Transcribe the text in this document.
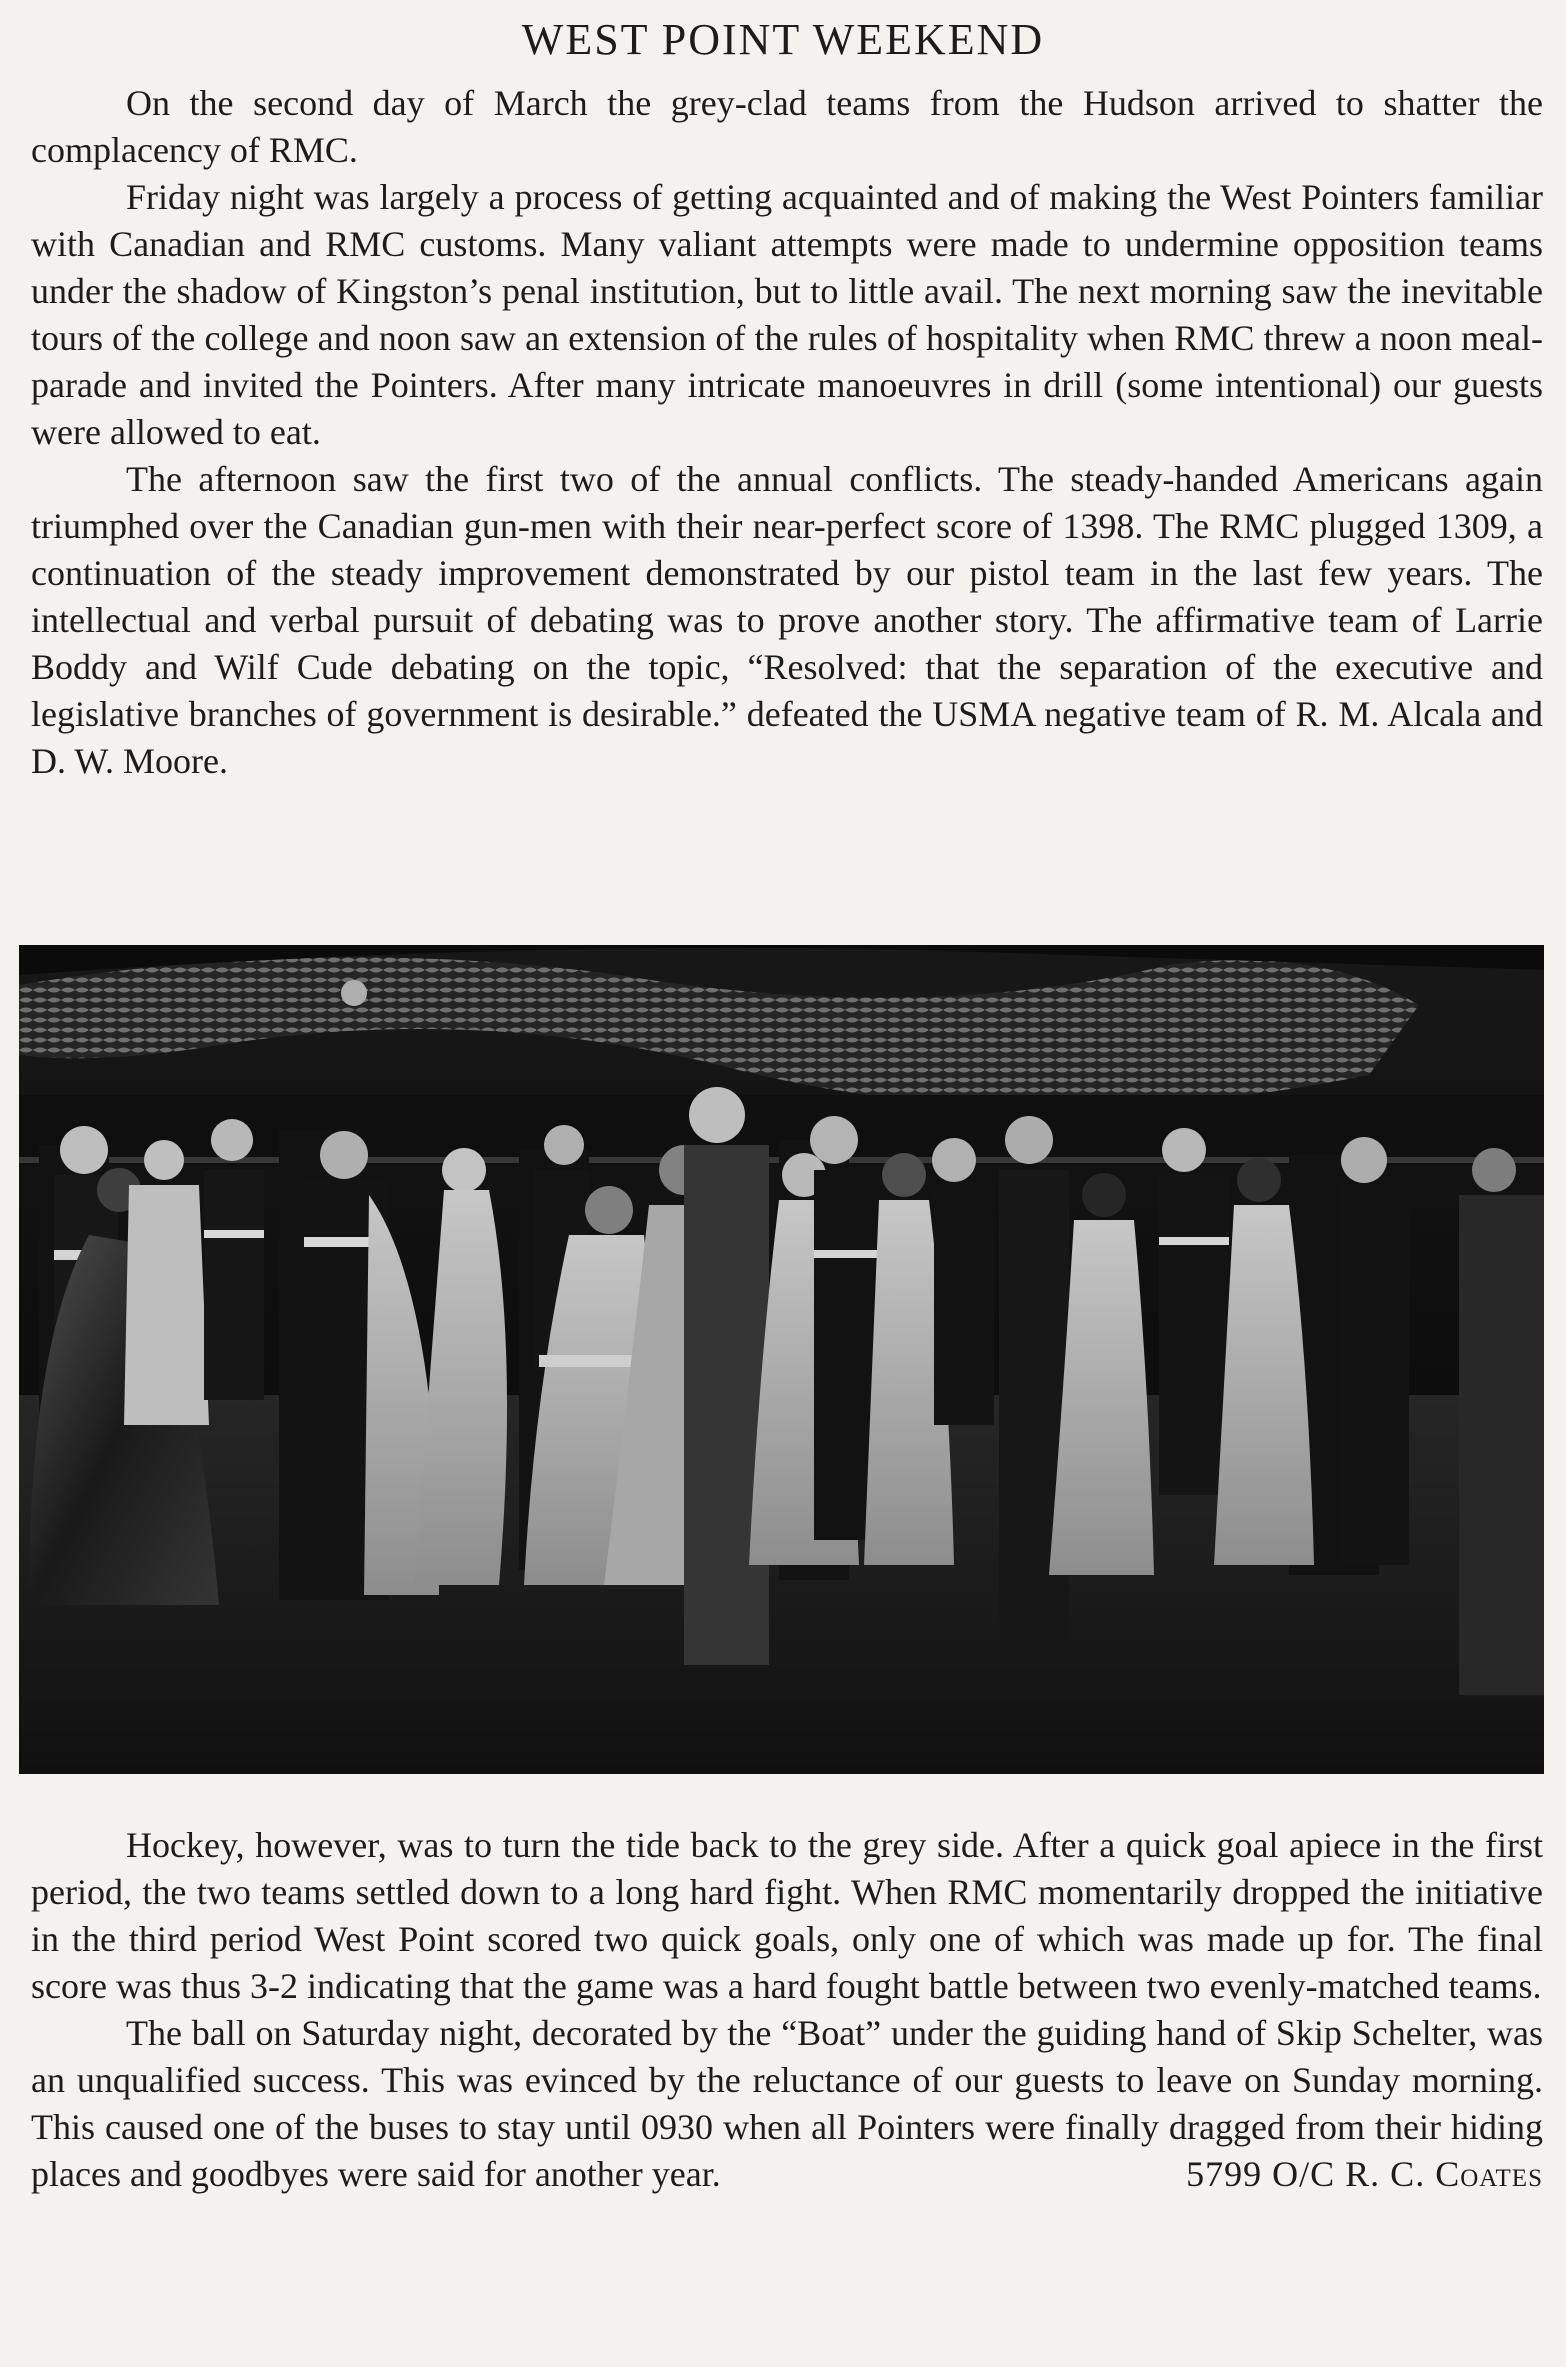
WEST POINT WEEKEND

On the second day of March the grey-clad teams from the Hudson arrived to shatter the complacency of RMC.

Friday night was largely a process of getting acquainted and of making the West Pointers familiar with Canadian and RMC customs. Many valiant attempts were made to undermine opposition teams under the shadow of Kingston’s penal institution, but to little avail. The next morning saw the inevitable tours of the college and noon saw an extension of the rules of hospitality when RMC threw a noon meal-parade and invited the Pointers. After many intricate manoeuvres in drill (some intentional) our guests were allowed to eat.

The afternoon saw the first two of the annual conflicts. The steady-handed Americans again triumphed over the Canadian gun-men with their near-perfect score of 1398. The RMC plugged 1309, a continuation of the steady improvement demonstrated by our pistol team in the last few years. The intellectual and verbal pursuit of debating was to prove another story. The affirmative team of Larrie Boddy and Wilf Cude debating on the topic, “Resolved: that the separation of the executive and legislative branches of government is desirable.” defeated the USMA negative team of R. M. Alcala and D. W. Moore.

Hockey, however, was to turn the tide back to the grey side. After a quick goal apiece in the first period, the two teams settled down to a long hard fight. When RMC momentarily dropped the initiative in the third period West Point scored two quick goals, only one of which was made up for. The final score was thus 3-2 indicating that the game was a hard fought battle between two evenly-matched teams.

The ball on Saturday night, decorated by the “Boat” under the guiding hand of Skip Schelter, was an unqualified success. This was evinced by the reluctance of our guests to leave on Sunday morning. This caused one of the buses to stay until 0930 when all Pointers were finally dragged from their hiding places and goodbyes were said for another year.	5799 O/C R. C. Coates
